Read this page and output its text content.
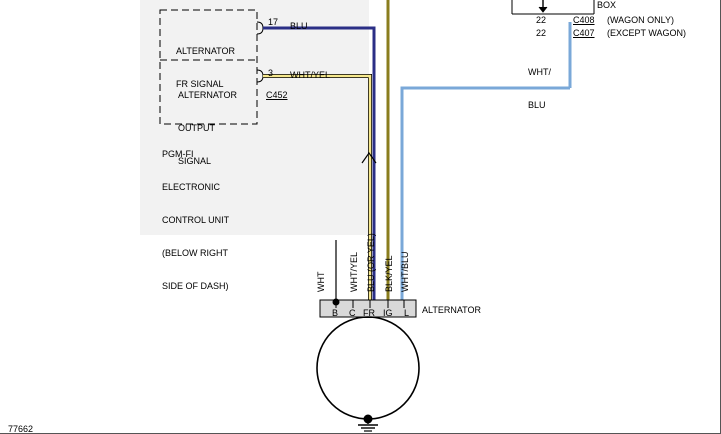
ALTERNATOR

FR SIGNAL

ALTERNATOR

OUTPUT

SIGNAL

17 BLU
3 WHT/YEL
C452

PGM-FI

ELECTRONIC

CONTROL UNIT

(BELOW RIGHT

SIDE OF DASH)

BOX
22	C408 (WAGON ONLY)
22	C407 (EXCEPT WAGON)

WHT/

BLU

WHT	WHT/YEL BLU (OR YEL) BLK/YEL WHT/BLU
B C FR IG L ALTERNATOR
77662
